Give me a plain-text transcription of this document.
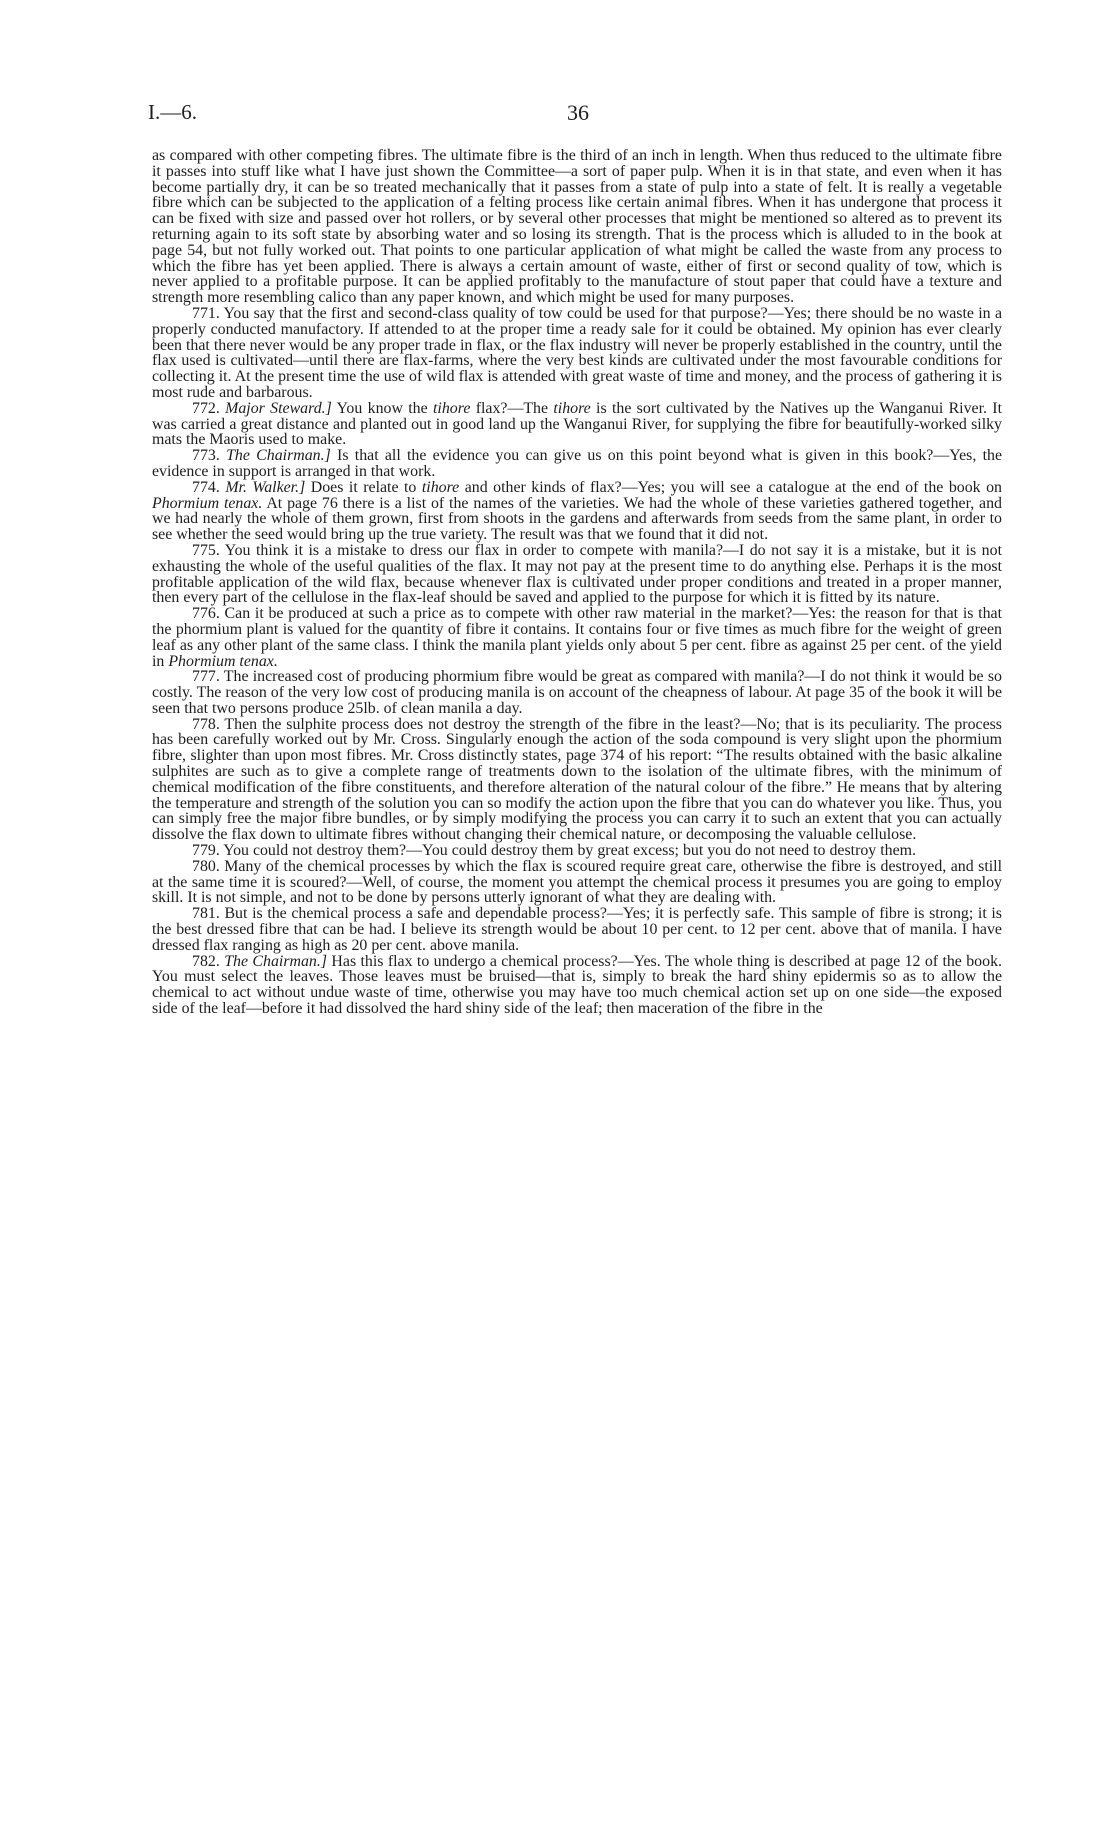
I.—6.	36

as compared with other competing fibres. The ultimate fibre is the third of an inch in length. When thus reduced to the ultimate fibre it passes into stuff like what I have just shown the Committee—a sort of paper pulp. When it is in that state, and even when it has become partially dry, it can be so treated mechanically that it passes from a state of pulp into a state of felt. It is really a vegetable fibre which can be subjected to the application of a felting process like certain animal fibres. When it has undergone that process it can be fixed with size and passed over hot rollers, or by several other processes that might be mentioned so altered as to prevent its returning again to its soft state by absorbing water and so losing its strength. That is the process which is alluded to in the book at page 54, but not fully worked out. That points to one particular application of what might be called the waste from any process to which the fibre has yet been applied. There is always a certain amount of waste, either of first or second quality of tow, which is never applied to a profitable purpose. It can be applied profitably to the manufacture of stout paper that could have a texture and strength more resembling calico than any paper known, and which might be used for many purposes.

771. You say that the first and second-class quality of tow could be used for that purpose?—Yes; there should be no waste in a properly conducted manufactory. If attended to at the proper time a ready sale for it could be obtained. My opinion has ever clearly been that there never would be any proper trade in flax, or the flax industry will never be properly established in the country, until the flax used is cultivated—until there are flax-farms, where the very best kinds are cultivated under the most favourable conditions for collecting it. At the present time the use of wild flax is attended with great waste of time and money, and the process of gathering it is most rude and barbarous.

772. Major Steward.] You know the tihore flax?—The tihore is the sort cultivated by the Natives up the Wanganui River. It was carried a great distance and planted out in good land up the Wanganui River, for supplying the fibre for beautifully-worked silky mats the Maoris used to make.

773. The Chairman.] Is that all the evidence you can give us on this point beyond what is given in this book?—Yes, the evidence in support is arranged in that work.

774. Mr. Walker.] Does it relate to tihore and other kinds of flax?—Yes; you will see a catalogue at the end of the book on Phormium tenax. At page 76 there is a list of the names of the varieties. We had the whole of these varieties gathered together, and we had nearly the whole of them grown, first from shoots in the gardens and afterwards from seeds from the same plant, in order to see whether the seed would bring up the true variety. The result was that we found that it did not.

775. You think it is a mistake to dress our flax in order to compete with manila?—I do not say it is a mistake, but it is not exhausting the whole of the useful qualities of the flax. It may not pay at the present time to do anything else. Perhaps it is the most profitable application of the wild flax, because whenever flax is cultivated under proper conditions and treated in a proper manner, then every part of the cellulose in the flax-leaf should be saved and applied to the purpose for which it is fitted by its nature.

776. Can it be produced at such a price as to compete with other raw material in the market?—Yes: the reason for that is that the phormium plant is valued for the quantity of fibre it contains. It contains four or five times as much fibre for the weight of green leaf as any other plant of the same class. I think the manila plant yields only about 5 per cent. fibre as against 25 per cent. of the yield in Phormium tenax.

777. The increased cost of producing phormium fibre would be great as compared with manila?—I do not think it would be so costly. The reason of the very low cost of producing manila is on account of the cheapness of labour. At page 35 of the book it will be seen that two persons produce 25lb. of clean manila a day.

778. Then the sulphite process does not destroy the strength of the fibre in the least?—No; that is its peculiarity. The process has been carefully worked out by Mr. Cross. Singularly enough the action of the soda compound is very slight upon the phormium fibre, slighter than upon most fibres. Mr. Cross distinctly states, page 374 of his report: “The results obtained with the basic alkaline sulphites are such as to give a complete range of treatments down to the isolation of the ultimate fibres, with the minimum of chemical modification of the fibre constituents, and therefore alteration of the natural colour of the fibre.” He means that by altering the temperature and strength of the solution you can so modify the action upon the fibre that you can do whatever you like. Thus, you can simply free the major fibre bundles, or by simply modifying the process you can carry it to such an extent that you can actually dissolve the flax down to ultimate fibres without changing their chemical nature, or decomposing the valuable cellulose.

779. You could not destroy them?—You could destroy them by great excess; but you do not need to destroy them.

780. Many of the chemical processes by which the flax is scoured require great care, otherwise the fibre is destroyed, and still at the same time it is scoured?—Well, of course, the moment you attempt the chemical process it presumes you are going to employ skill. It is not simple, and not to be done by persons utterly ignorant of what they are dealing with.

781. But is the chemical process a safe and dependable process?—Yes; it is perfectly safe. This sample of fibre is strong; it is the best dressed fibre that can be had. I believe its strength would be about 10 per cent. to 12 per cent. above that of manila. I have dressed flax ranging as high as 20 per cent. above manila.

782. The Chairman.] Has this flax to undergo a chemical process?—Yes. The whole thing is described at page 12 of the book. You must select the leaves. Those leaves must be bruised—that is, simply to break the hard shiny epidermis so as to allow the chemical to act without undue waste of time, otherwise you may have too much chemical action set up on one side—the exposed side of the leaf—before it had dissolved the hard shiny side of the leaf; then maceration of the fibre in the
